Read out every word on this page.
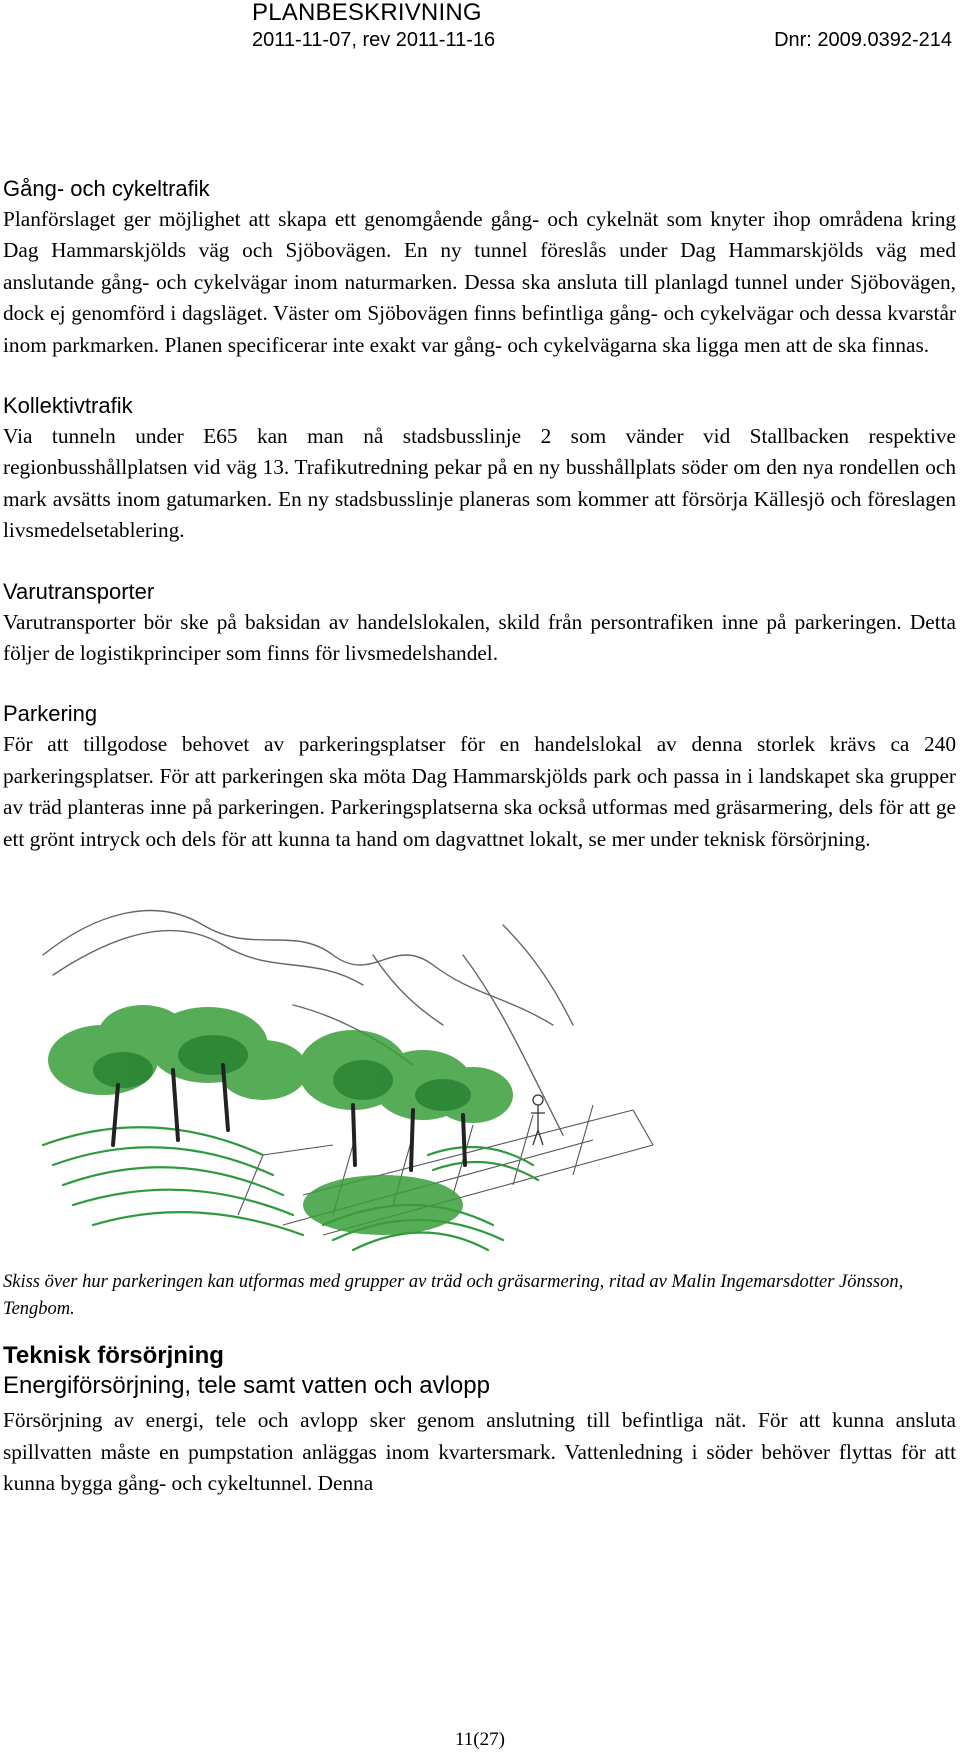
PLANBESKRIVNING
2011-11-07, rev 2011-11-16	Dnr: 2009.0392-214
Gång- och cykeltrafik

Planförslaget ger möjlighet att skapa ett genomgående gång- och cykelnät som knyter ihop områdena kring Dag Hammarskjölds väg och Sjöbovägen. En ny tunnel föreslås under Dag Hammarskjölds väg med anslutande gång- och cykelvägar inom naturmarken. Dessa ska ansluta till planlagd tunnel under Sjöbovägen, dock ej genomförd i dagsläget. Väster om Sjöbovägen finns befintliga gång- och cykelvägar och dessa kvarstår inom parkmarken. Planen specificerar inte exakt var gång- och cykelvägarna ska ligga men att de ska finnas.

Kollektivtrafik

Via tunneln under E65 kan man nå stadsbusslinje 2 som vänder vid Stallbacken respektive regionbusshållplatsen vid väg 13. Trafikutredning pekar på en ny busshållplats söder om den nya rondellen och mark avsätts inom gatumarken. En ny stadsbusslinje planeras som kommer att försörja Källesjö och föreslagen livsmedelsetablering.

Varutransporter

Varutransporter bör ske på baksidan av handelslokalen, skild från persontrafiken inne på parkeringen. Detta följer de logistikprinciper som finns för livsmedelshandel.

Parkering

För att tillgodose behovet av parkeringsplatser för en handelslokal av denna storlek krävs ca 240 parkeringsplatser. För att parkeringen ska möta Dag Hammarskjölds park och passa in i landskapet ska grupper av träd planteras inne på parkeringen. Parkeringsplatserna ska också utformas med gräsarmering, dels för att ge ett grönt intryck och dels för att kunna ta hand om dagvattnet lokalt, se mer under teknisk försörjning.

Skiss över hur parkeringen kan utformas med grupper av träd och gräsarmering, ritad av Malin Ingemarsdotter Jönsson, Tengbom.

Teknisk försörjning
Energiförsörjning, tele samt vatten och avlopp

Försörjning av energi, tele och avlopp sker genom anslutning till befintliga nät. För att kunna ansluta spillvatten måste en pumpstation anläggas inom kvartersmark. Vattenledning i söder behöver flyttas för att kunna bygga gång- och cykeltunnel. Denna

11(27)
